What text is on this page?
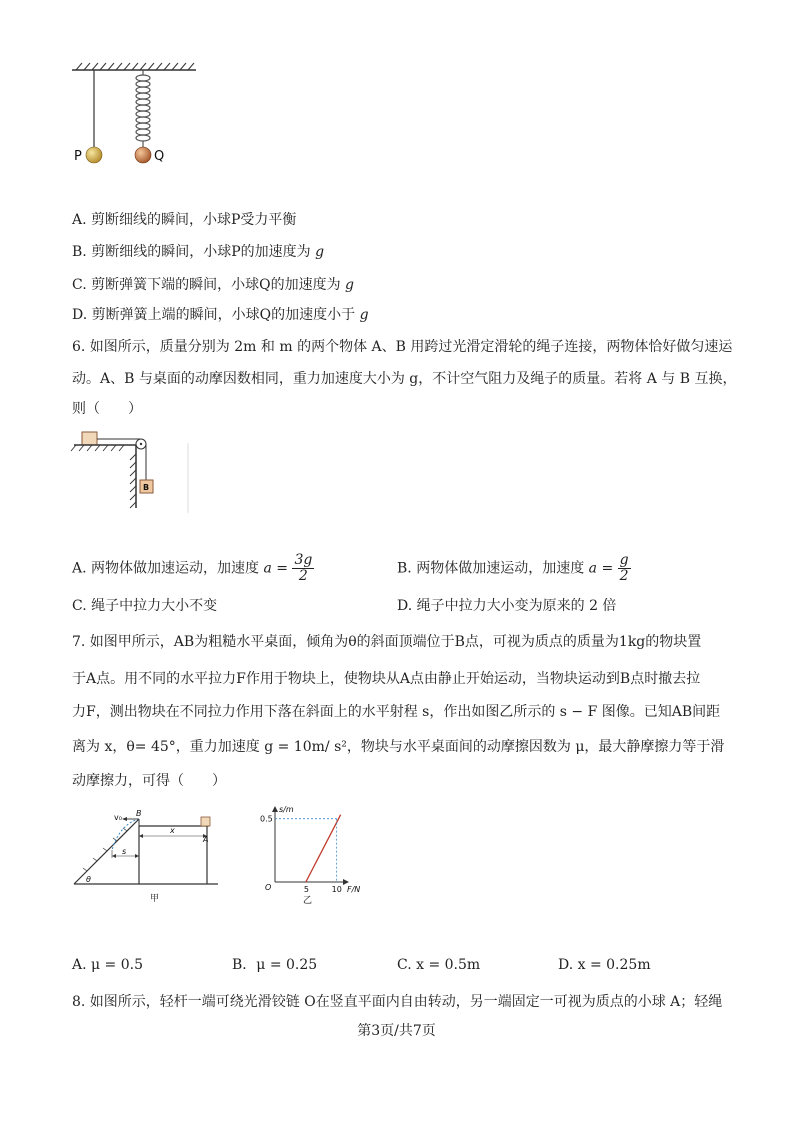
P	Q
A. 剪断细线的瞬间，小球P受力平衡
B. 剪断细线的瞬间，小球P的加速度为 g
C. 剪断弹簧下端的瞬间，小球Q的加速度为 g
D. 剪断弹簧上端的瞬间，小球Q的加速度小于 g
6. 如图所示，质量分别为 2m 和 m 的两个物体 A、B 用跨过光滑定滑轮的绳子连接，两物体恰好做匀速运
动。A、B 与桌面的动摩因数相同，重力加速度大小为 g，不计空气阻力及绳子的质量。若将 A 与 B 互换，
则（　　）
B
A. 两物体做加速运动，加速度 $a = \frac{3g}{2}$	B. 两物体做加速运动，加速度 $a = \frac{g}{2}$
C. 绳子中拉力大小不变	D. 绳子中拉力大小变为原来的 2 倍
7. 如图甲所示，AB为粗糙水平桌面，倾角为θ的斜面顶端位于B点，可视为质点的质量为1kg的物块置
于A点。用不同的水平拉力F作用于物块上，使物块从A点由静止开始运动，当物块运动到B点时撤去拉
力F，测出物块在不同拉力作用下落在斜面上的水平射程 s，作出如图乙所示的 s − F 图像。已知AB间距
离为 x，θ= 45°，重力加速度 g = 10m/ s²，物块与水平桌面间的动摩擦因数为 μ，最大静摩擦力等于滑
动摩擦力，可得（　　）
v₀ B
A
x
s
θ
甲
s/m
F/N
O
0.5
5	10
乙
A. μ = 0.5	B．μ = 0.25	C. x = 0.5m	D. x = 0.25m
8. 如图所示，轻杆一端可绕光滑铰链 O在竖直平面内自由转动，另一端固定一可视为质点的小球 A；轻绳
第3页/共7页
